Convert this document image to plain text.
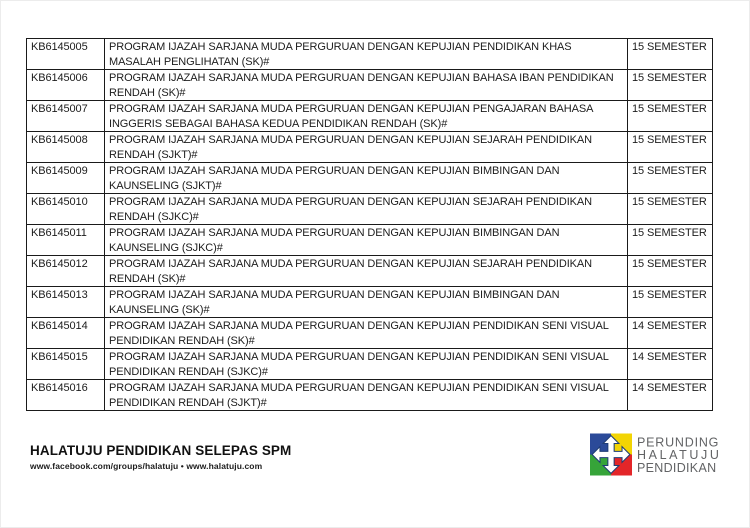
KB6145005	PROGRAM IJAZAH SARJANA MUDA PERGURUAN DENGAN KEPUJIAN PENDIDIKAN KHAS MASALAH PENGLIHATAN (SK)#	15 SEMESTER
KB6145006	PROGRAM IJAZAH SARJANA MUDA PERGURUAN DENGAN KEPUJIAN BAHASA IBAN PENDIDIKAN RENDAH (SK)#	15 SEMESTER
KB6145007	PROGRAM IJAZAH SARJANA MUDA PERGURUAN DENGAN KEPUJIAN PENGAJARAN BAHASA INGGERIS SEBAGAI BAHASA KEDUA PENDIDIKAN RENDAH (SK)#	15 SEMESTER
KB6145008	PROGRAM IJAZAH SARJANA MUDA PERGURUAN DENGAN KEPUJIAN SEJARAH PENDIDIKAN RENDAH (SJKT)#	15 SEMESTER
KB6145009	PROGRAM IJAZAH SARJANA MUDA PERGURUAN DENGAN KEPUJIAN BIMBINGAN DAN KAUNSELING (SJKT)#	15 SEMESTER
KB6145010	PROGRAM IJAZAH SARJANA MUDA PERGURUAN DENGAN KEPUJIAN SEJARAH PENDIDIKAN RENDAH (SJKC)#	15 SEMESTER
KB6145011	PROGRAM IJAZAH SARJANA MUDA PERGURUAN DENGAN KEPUJIAN BIMBINGAN DAN KAUNSELING (SJKC)#	15 SEMESTER
KB6145012	PROGRAM IJAZAH SARJANA MUDA PERGURUAN DENGAN KEPUJIAN SEJARAH PENDIDIKAN RENDAH (SK)#	15 SEMESTER
KB6145013	PROGRAM IJAZAH SARJANA MUDA PERGURUAN DENGAN KEPUJIAN BIMBINGAN DAN KAUNSELING (SK)#	15 SEMESTER
KB6145014	PROGRAM IJAZAH SARJANA MUDA PERGURUAN DENGAN KEPUJIAN PENDIDIKAN SENI VISUAL PENDIDIKAN RENDAH (SK)#	14 SEMESTER
KB6145015	PROGRAM IJAZAH SARJANA MUDA PERGURUAN DENGAN KEPUJIAN PENDIDIKAN SENI VISUAL PENDIDIKAN RENDAH (SJKC)#	14 SEMESTER
KB6145016	PROGRAM IJAZAH SARJANA MUDA PERGURUAN DENGAN KEPUJIAN PENDIDIKAN SENI VISUAL PENDIDIKAN RENDAH (SJKT)#	14 SEMESTER
HALATUJU PENDIDIKAN SELEPAS SPM
www.facebook.com/groups/halatuju • www.halatuju.com
PERUNDING
HALATUJU
PENDIDIKAN
